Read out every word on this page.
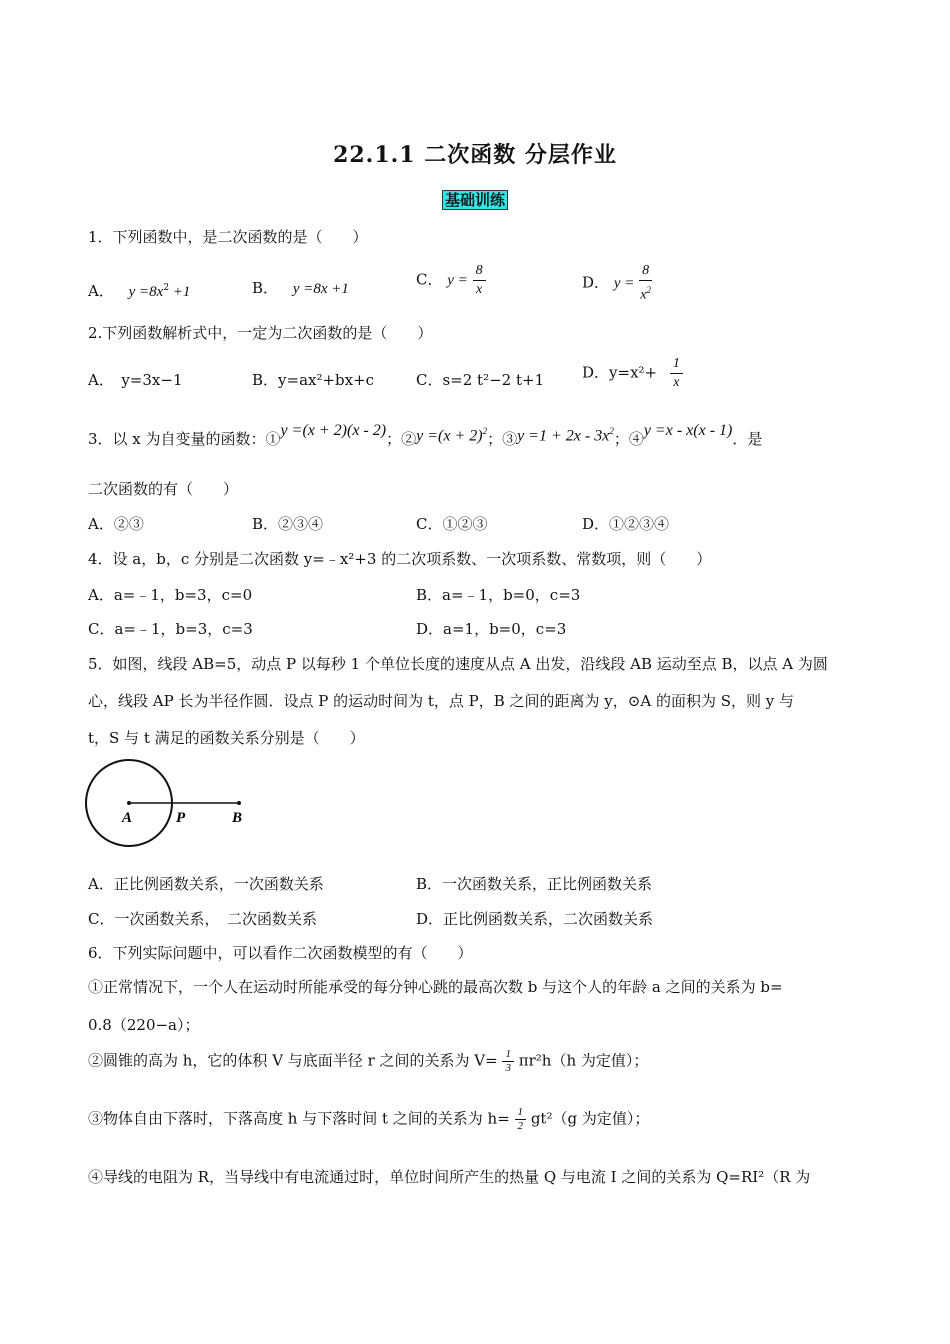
22.1.1 二次函数 分层作业
基础训练
1．下列函数中，是二次函数的是（　　）
A． $y =8x^2 +1$	B． y =8x +1
C． $y = \frac{8}{x}$	D． $y = \frac{8}{x^2}$
2.下列函数解析式中，一定为二次函数的是（　　）
A．　y=3x−1	B．y=ax²+bx+c	C．s=2 t²−2 t+1	D．$y=x^2+ \frac{1}{x}$
3．以 x 为自变量的函数：① y =(x + 2)(x - 2) ；② $y =(x + 2)^2$ ；③ $y =1 + 2x - 3x^2$ ；④ y =x - x(x - 1) ．是
二次函数的有（　　）
A．②③	B．②③④	C．①②③	D．①②③④
4．设 a，b，c 分别是二次函数 y=﹣x²+3 的二次项系数、一次项系数、常数项，则（　　）
A．a=﹣1，b=3，c=0	B．a=﹣1，b=0，c=3
C．a=﹣1，b=3，c=3	D．a=1，b=0，c=3
5．如图，线段 AB=5，动点 P 以每秒 1 个单位长度的速度从点 A 出发，沿线段 AB 运动至点 B，以点 A 为圆
心，线段 AP 长为半径作圆．设点 P 的运动时间为 t，点 P，B 之间的距离为 y，⊙A 的面积为 S，则 y 与
t，S 与 t 满足的函数关系分别是（　　）
A	P	B
A．正比例函数关系，一次函数关系	B．一次函数关系，正比例函数关系
C．一次函数关系，　二次函数关系	D．正比例函数关系，二次函数关系
6．下列实际问题中，可以看作二次函数模型的有（　　）
①正常情况下，一个人在运动时所能承受的每分钟心跳的最高次数 b 与这个人的年龄 a 之间的关系为 b=
0.8（220−a）；
②圆锥的高为 h，它的体积 V 与底面半径 r 之间的关系为 $V= \frac{1}{3} \pi r^2h(h$ 为定值）；
③物体自由下落时，下落高度 h 与下落时间 t 之间的关系为 $h= \frac{1}{2} gt^2(g$ 为定值）；
④导线的电阻为 R，当导线中有电流通过时，单位时间所产生的热量 Q 与电流 I 之间的关系为 Q=RI²（R 为
